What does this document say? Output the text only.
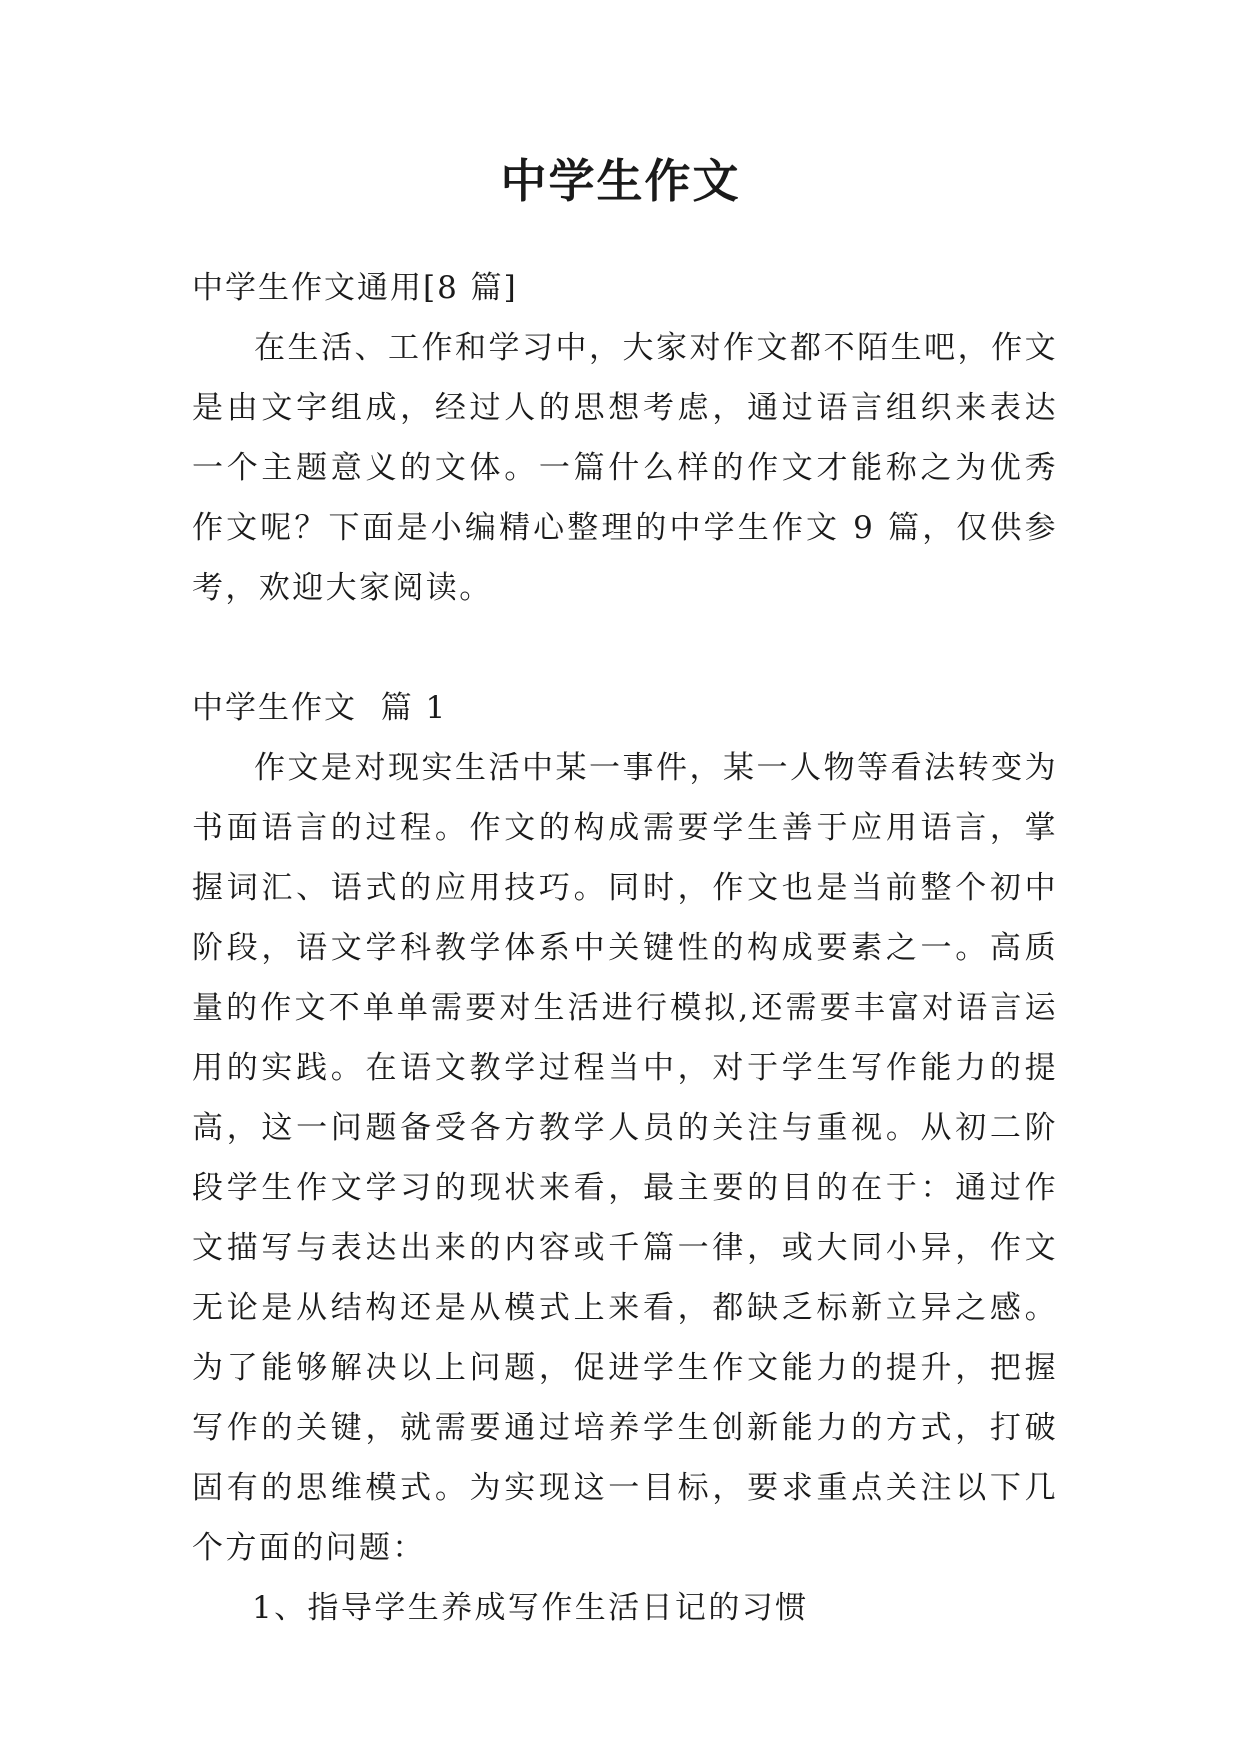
中学生作文

中学生作文通用[8 篇]

在生活、工作和学习中，大家对作文都不陌生吧，作文是由文字组成，经过人的思想考虑，通过语言组织来表达一个主题意义的文体。一篇什么样的作文才能称之为优秀作文呢？下面是小编精心整理的中学生作文 9 篇，仅供参考，欢迎大家阅读。

中学生作文  篇 1

作文是对现实生活中某一事件，某一人物等看法转变为书面语言的过程。作文的构成需要学生善于应用语言，掌握词汇、语式的应用技巧。同时，作文也是当前整个初中阶段，语文学科教学体系中关键性的构成要素之一。高质量的作文不单单需要对生活进行模拟,还需要丰富对语言运用的实践。在语文教学过程当中，对于学生写作能力的提高，这一问题备受各方教学人员的关注与重视。从初二阶段学生作文学习的现状来看，最主要的目的在于：通过作文描写与表达出来的内容或千篇一律，或大同小异，作文无论是从结构还是从模式上来看，都缺乏标新立异之感。为了能够解决以上问题，促进学生作文能力的提升，把握写作的关键，就需要通过培养学生创新能力的方式，打破固有的思维模式。为实现这一目标，要求重点关注以下几个方面的问题：

1、指导学生养成写作生活日记的习惯
